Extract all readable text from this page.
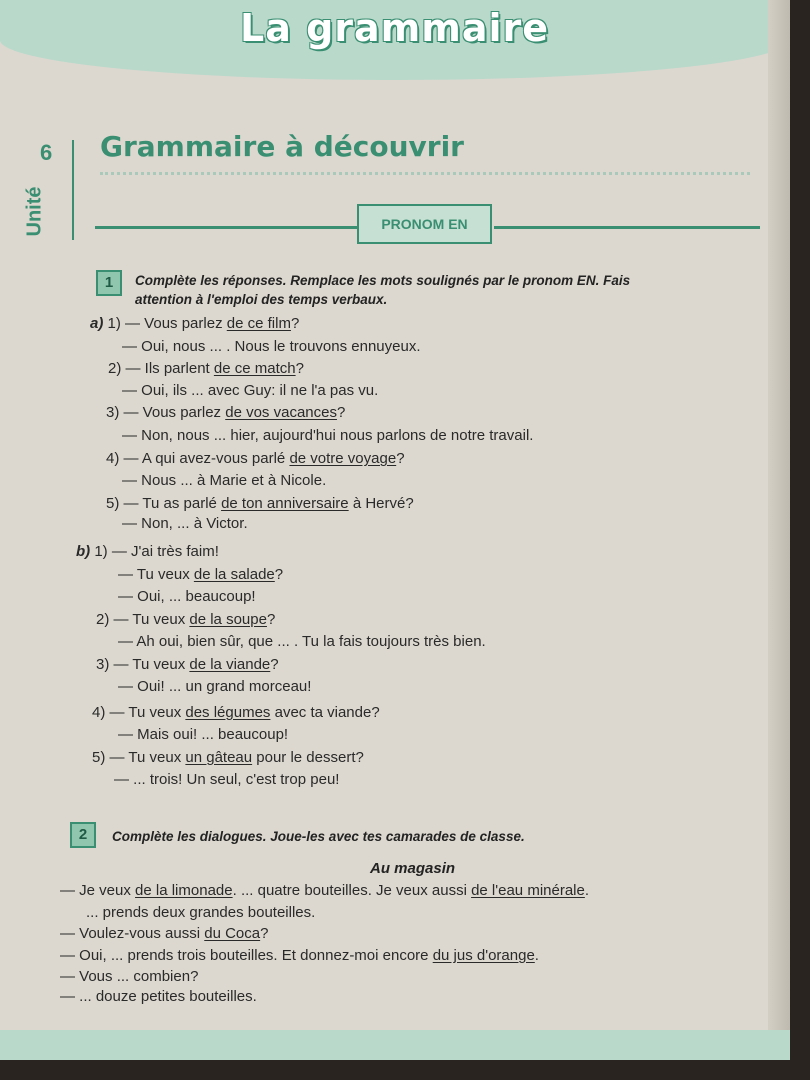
La grammaire
6
Unité
Grammaire à découvrir
PRONOM EN
1	Complète les réponses. Remplace les mots soulignés par le pronom EN. Fais
attention à l'emploi des temps verbaux.
a) 1) — Vous parlez de ce film?
— Oui, nous ... . Nous le trouvons ennuyeux.
2) — Ils parlent de ce match?
— Oui, ils ... avec Guy: il ne l'a pas vu.
3) — Vous parlez de vos vacances?
— Non, nous ... hier, aujourd'hui nous parlons de notre travail.
4) — A qui avez-vous parlé de votre voyage?
— Nous ... à Marie et à Nicole.
5) — Tu as parlé de ton anniversaire à Hervé?
— Non, ... à Victor.
b) 1) — J'ai très faim!
— Tu veux de la salade?
— Oui, ... beaucoup!
2) — Tu veux de la soupe?
— Ah oui, bien sûr, que ... . Tu la fais toujours très bien.
3) — Tu veux de la viande?
— Oui! ... un grand morceau!
4) — Tu veux des légumes avec ta viande?
— Mais oui! ... beaucoup!
5) — Tu veux un gâteau pour le dessert?
— ... trois! Un seul, c'est trop peu!
2	Complète les dialogues. Joue-les avec tes camarades de classe.
Au magasin
— Je veux de la limonade. ... quatre bouteilles. Je veux aussi de l'eau minérale.
... prends deux grandes bouteilles.
— Voulez-vous aussi du Coca?
— Oui, ... prends trois bouteilles. Et donnez-moi encore du jus d'orange.
— Vous ... combien?
— ... douze petites bouteilles.
